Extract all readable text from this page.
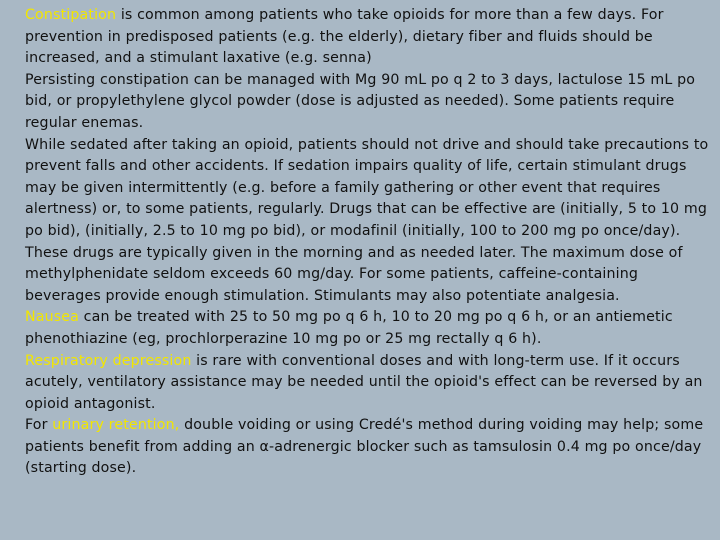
Constipation is common among patients who take opioids for more than a few days. For prevention in predisposed patients (e.g. the elderly), dietary fiber and fluids should be increased, and a stimulant laxative (e.g. senna)

Persisting constipation can be managed with Mg 90 mL po q 2 to 3 days, lactulose 15 mL po bid, or propylethylene glycol powder (dose is adjusted as needed). Some patients require regular enemas.

While sedated after taking an opioid, patients should not drive and should take precautions to prevent falls and other accidents. If sedation impairs quality of life, certain stimulant drugs may be given intermittently (e.g. before a family gathering or other event that requires alertness) or, to some patients, regularly. Drugs that can be effective are (initially, 5 to 10 mg po bid), (initially, 2.5 to 10 mg po bid), or modafinil (initially, 100 to 200 mg po once/day). These drugs are typically given in the morning and as needed later. The maximum dose of methylphenidate seldom exceeds 60 mg/day. For some patients, caffeine-containing beverages provide enough stimulation. Stimulants may also potentiate analgesia.

Nausea can be treated with 25 to 50 mg po q 6 h, 10 to 20 mg po q 6 h, or an antiemetic phenothiazine (eg, prochlorperazine 10 mg po or 25 mg rectally q 6 h).

Respiratory depression is rare with conventional doses and with long-term use. If it occurs acutely, ventilatory assistance may be needed until the opioid's effect can be reversed by an opioid antagonist.

For urinary retention, double voiding or using Credé's method during voiding may help; some patients benefit from adding an α-adrenergic blocker such as tamsulosin 0.4 mg po once/day (starting dose).
